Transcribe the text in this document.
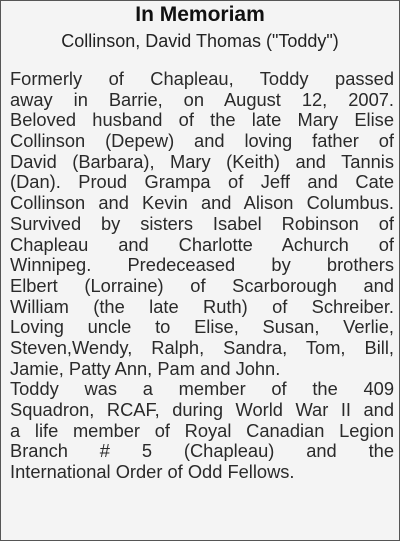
In Memoriam
Collinson, David Thomas ("Toddy")
Formerly of Chapleau, Toddy passed
away in Barrie, on August 12, 2007.
Beloved husband of the late Mary Elise
Collinson (Depew) and loving father of
David (Barbara), Mary (Keith) and Tannis
(Dan). Proud Grampa of Jeff and Cate
Collinson and Kevin and Alison Columbus.
Survived by sisters Isabel Robinson of
Chapleau and Charlotte Achurch of
Winnipeg. Predeceased by brothers
Elbert (Lorraine) of Scarborough and
William (the late Ruth) of Schreiber.
Loving uncle to Elise, Susan, Verlie,
Steven,Wendy, Ralph, Sandra, Tom, Bill,
Jamie, Patty Ann, Pam and John.
Toddy was a member of the 409
Squadron, RCAF, during World War II and
a life member of Royal Canadian Legion
Branch # 5 (Chapleau) and the
International Order of Odd Fellows.
